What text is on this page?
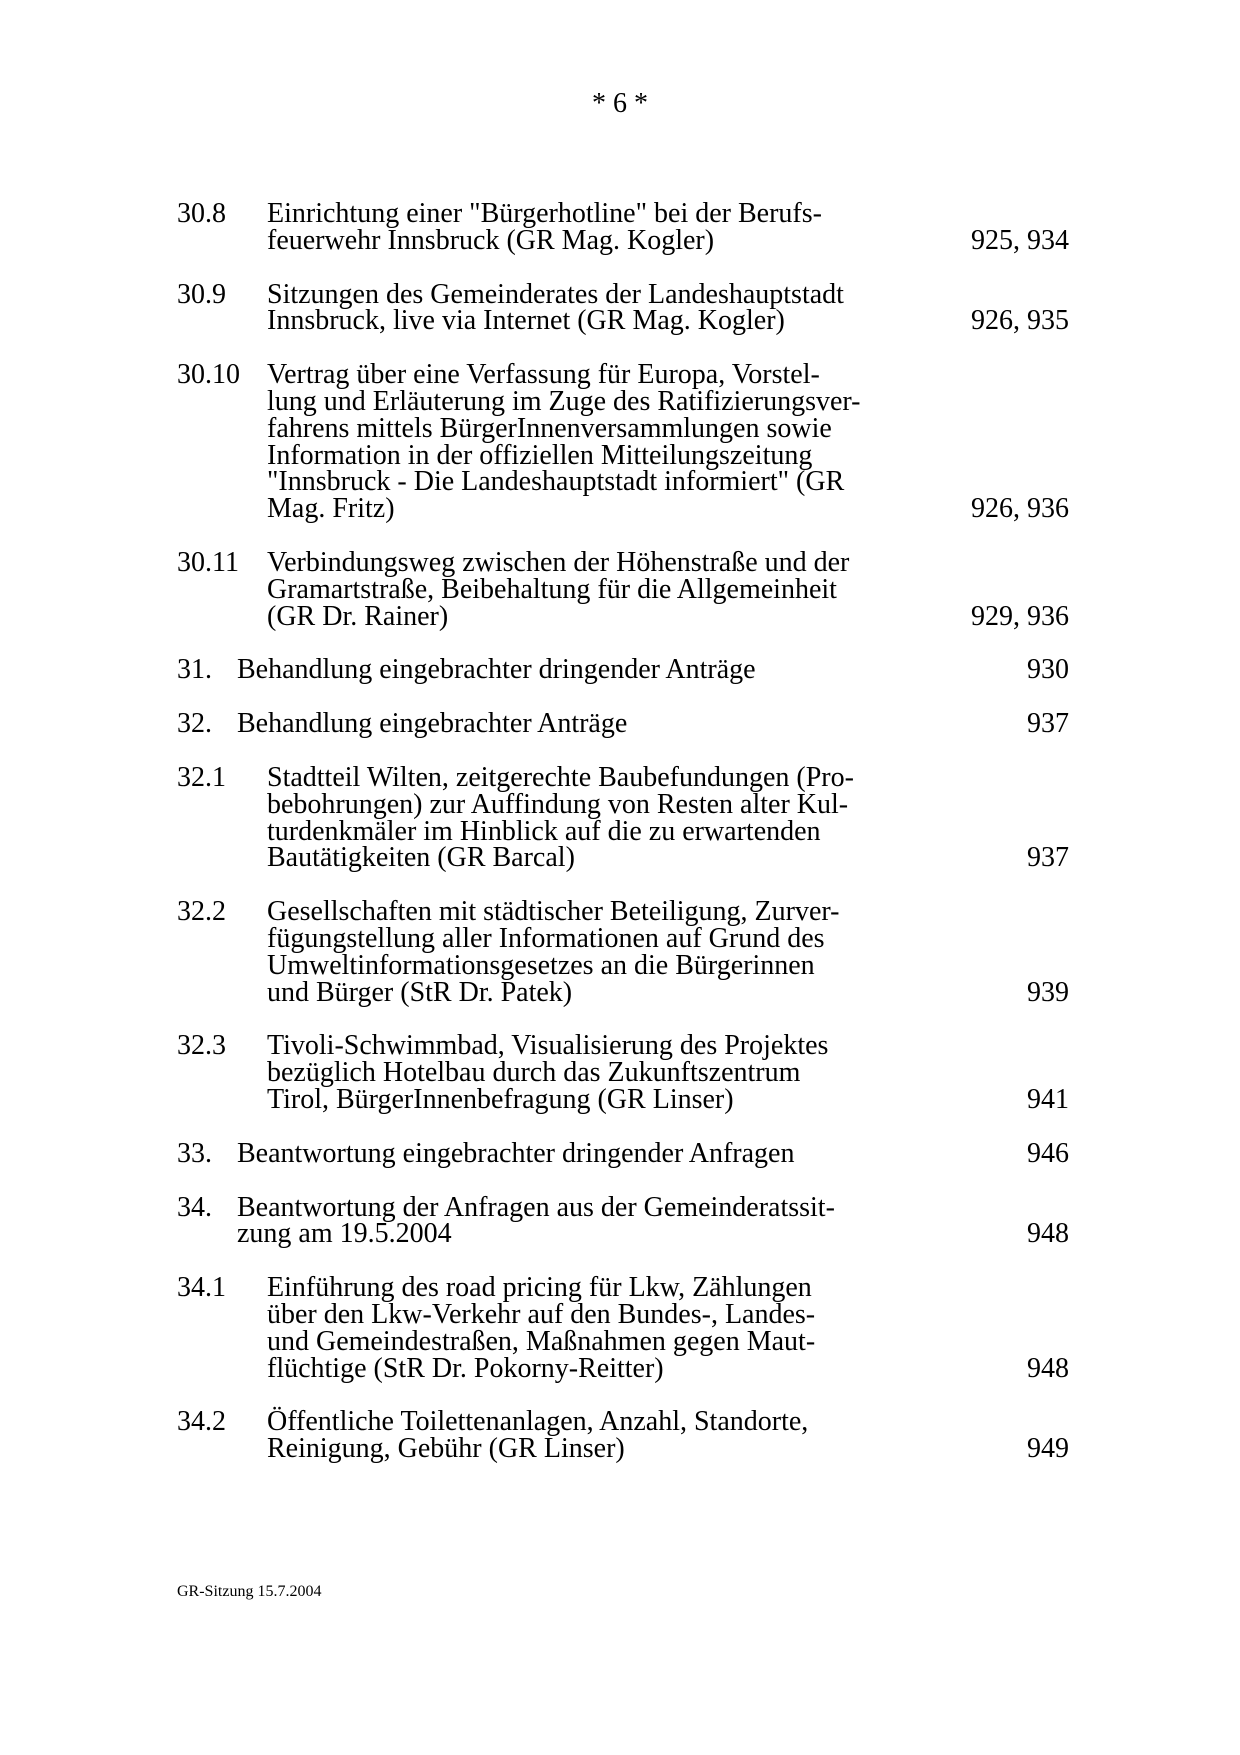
* 6 *
30.8 Einrichtung einer "Bürgerhotline" bei der Berufs-
feuerwehr Innsbruck (GR Mag. Kogler)	925, 934
30.9 Sitzungen des Gemeinderates der Landeshauptstadt
Innsbruck, live via Internet (GR Mag. Kogler)	926, 935
30.10 Vertrag über eine Verfassung für Europa, Vorstel-
lung und Erläuterung im Zuge des Ratifizierungsver-
fahrens mittels BürgerInnenversammlungen sowie
Information in der offiziellen Mitteilungszeitung
"Innsbruck - Die Landeshauptstadt informiert" (GR
Mag. Fritz)	926, 936
30.11 Verbindungsweg zwischen der Höhenstraße und der
Gramartstraße, Beibehaltung für die Allgemeinheit
(GR Dr. Rainer)	929, 936
31. Behandlung eingebrachter dringender Anträge	930
32. Behandlung eingebrachter Anträge	937
32.1 Stadtteil Wilten, zeitgerechte Baubefundungen (Pro-
bebohrungen) zur Auffindung von Resten alter Kul-
turdenkmäler im Hinblick auf die zu erwartenden
Bautätigkeiten (GR Barcal)	937
32.2 Gesellschaften mit städtischer Beteiligung, Zurver-
fügungstellung aller Informationen auf Grund des
Umweltinformationsgesetzes an die Bürgerinnen
und Bürger (StR Dr. Patek)	939
32.3 Tivoli-Schwimmbad, Visualisierung des Projektes
bezüglich Hotelbau durch das Zukunftszentrum
Tirol, BürgerInnenbefragung (GR Linser)	941
33. Beantwortung eingebrachter dringender Anfragen	946
34. Beantwortung der Anfragen aus der Gemeinderatssit-
zung am 19.5.2004	948
34.1 Einführung des road pricing für Lkw, Zählungen
über den Lkw-Verkehr auf den Bundes-, Landes-
und Gemeindestraßen, Maßnahmen gegen Maut-
flüchtige (StR Dr. Pokorny-Reitter)	948
34.2 Öffentliche Toilettenanlagen, Anzahl, Standorte,
Reinigung, Gebühr (GR Linser)	949
GR-Sitzung 15.7.2004
